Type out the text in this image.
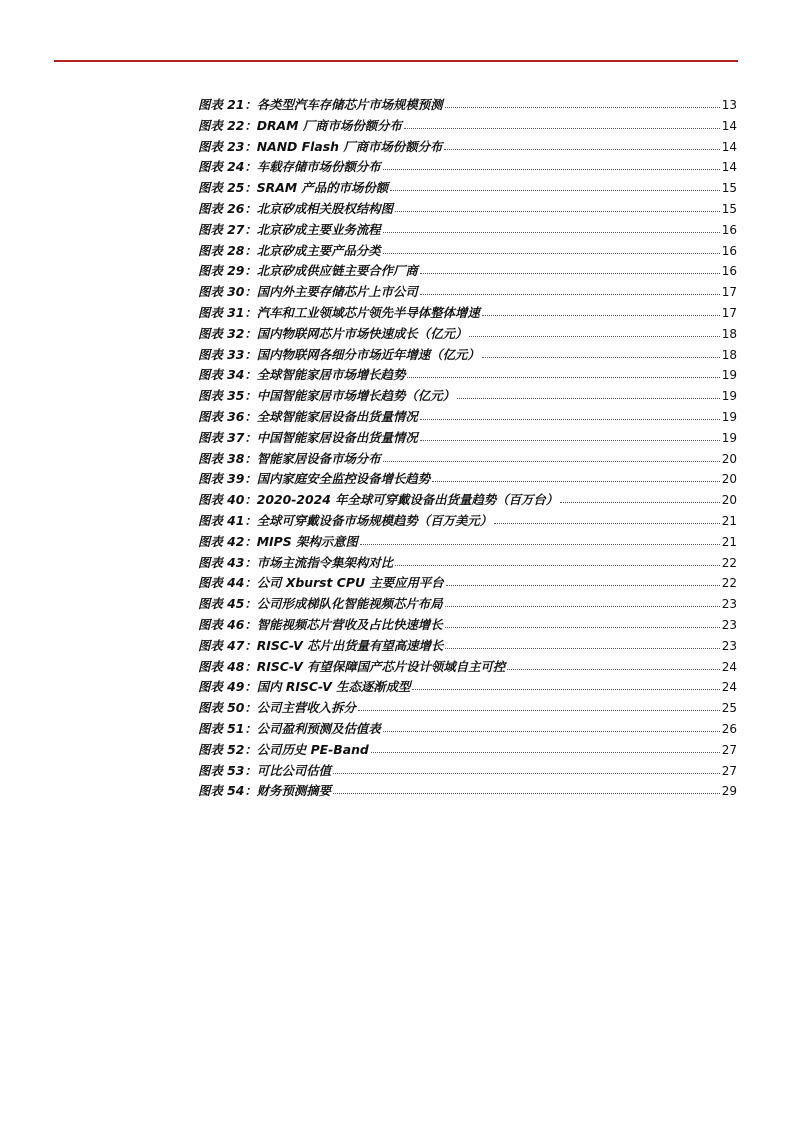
图表 21：各类型汽车存储芯片市场规模预测	13
图表 22：DRAM 厂商市场份额分布	14
图表 23：NAND Flash 厂商市场份额分布	14
图表 24：车载存储市场份额分布	14
图表 25：SRAM 产品的市场份额	15
图表 26：北京矽成相关股权结构图	15
图表 27：北京矽成主要业务流程	16
图表 28：北京矽成主要产品分类	16
图表 29：北京矽成供应链主要合作厂商	16
图表 30：国内外主要存储芯片上市公司	17
图表 31：汽车和工业领域芯片领先半导体整体增速	17
图表 32：国内物联网芯片市场快速成长（亿元）	18
图表 33：国内物联网各细分市场近年增速（亿元）	18
图表 34：全球智能家居市场增长趋势	19
图表 35：中国智能家居市场增长趋势（亿元）	19
图表 36：全球智能家居设备出货量情况	19
图表 37：中国智能家居设备出货量情况	19
图表 38：智能家居设备市场分布	20
图表 39：国内家庭安全监控设备增长趋势	20
图表 40：2020-2024 年全球可穿戴设备出货量趋势（百万台）	20
图表 41：全球可穿戴设备市场规模趋势（百万美元）	21
图表 42：MIPS 架构示意图	21
图表 43：市场主流指令集架构对比	22
图表 44：公司 Xburst CPU 主要应用平台	22
图表 45：公司形成梯队化智能视频芯片布局	23
图表 46：智能视频芯片营收及占比快速增长	23
图表 47：RISC-V 芯片出货量有望高速增长	23
图表 48：RISC-V 有望保障国产芯片设计领域自主可控	24
图表 49：国内 RISC-V 生态逐渐成型	24
图表 50：公司主营收入拆分	25
图表 51：公司盈利预测及估值表	26
图表 52：公司历史 PE-Band	27
图表 53：可比公司估值	27
图表 54：财务预测摘要	29
